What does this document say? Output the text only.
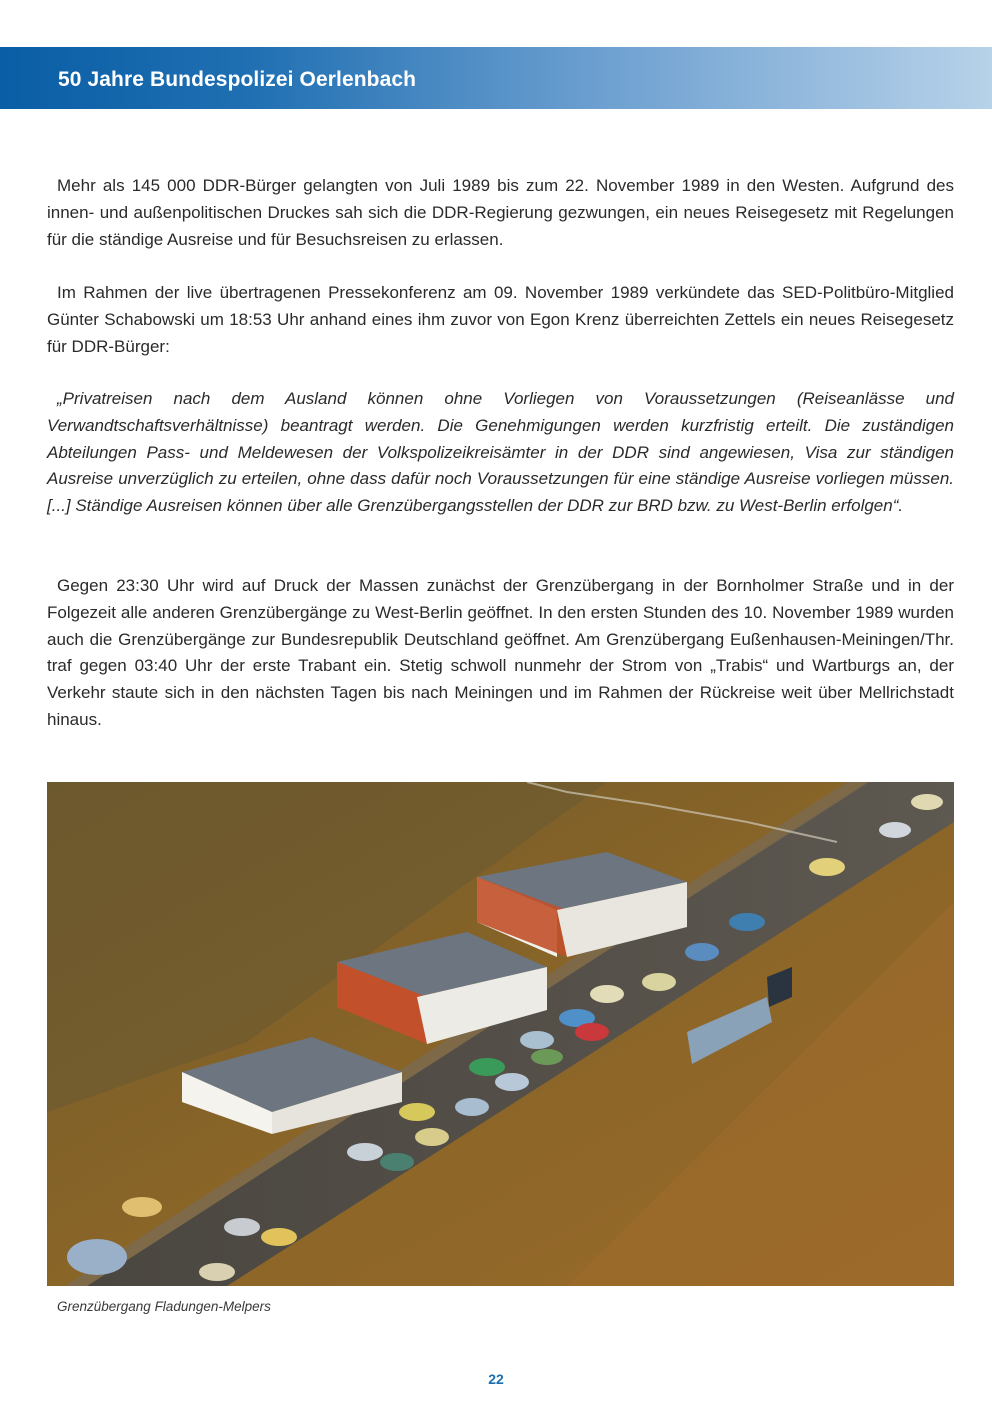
50 Jahre Bundespolizei Oerlenbach

Mehr als 145 000 DDR-Bürger gelangten von Juli 1989 bis zum 22. November 1989 in den Westen. Aufgrund des innen- und außenpolitischen Druckes sah sich die DDR-Regierung gezwungen, ein neues Reisegesetz mit Regelungen für die ständige Ausreise und für Besuchsreisen zu erlassen.

Im Rahmen der live übertragenen Pressekonferenz am 09. November 1989 verkündete das SED-Politbüro-Mitglied Günter Schabowski um 18:53 Uhr anhand eines ihm zuvor von Egon Krenz überreichten Zettels ein neues Reisegesetz für DDR-Bürger:

„Privatreisen nach dem Ausland können ohne Vorliegen von Voraussetzungen (Reiseanlässe und Verwandtschaftsverhältnisse) beantragt werden. Die Genehmigungen werden kurzfristig erteilt. Die zuständigen Abteilungen Pass- und Meldewesen der Volkspolizeikreisämter in der DDR sind angewiesen, Visa zur ständigen Ausreise unverzüglich zu erteilen, ohne dass dafür noch Voraussetzungen für eine ständige Ausreise vorliegen müssen. [...] Ständige Ausreisen können über alle Grenzübergangsstellen der DDR zur BRD bzw. zu West-Berlin erfolgen“.

Gegen 23:30 Uhr wird auf Druck der Massen zunächst der Grenzübergang in der Bornholmer Straße und in der Folgezeit alle anderen Grenzübergänge zu West-Berlin geöffnet. In den ersten Stunden des 10. November 1989 wurden auch die Grenzübergänge zur Bundesrepublik Deutschland geöffnet. Am Grenzübergang Eußenhausen-Meiningen/Thr. traf gegen 03:40 Uhr der erste Trabant ein. Stetig schwoll nunmehr der Strom von „Trabis“ und Wartburgs an, der Verkehr staute sich in den nächsten Tagen bis nach Meiningen und im Rahmen der Rückreise weit über Mellrichstadt hinaus.

Grenzübergang Fladungen-Melpers
22
